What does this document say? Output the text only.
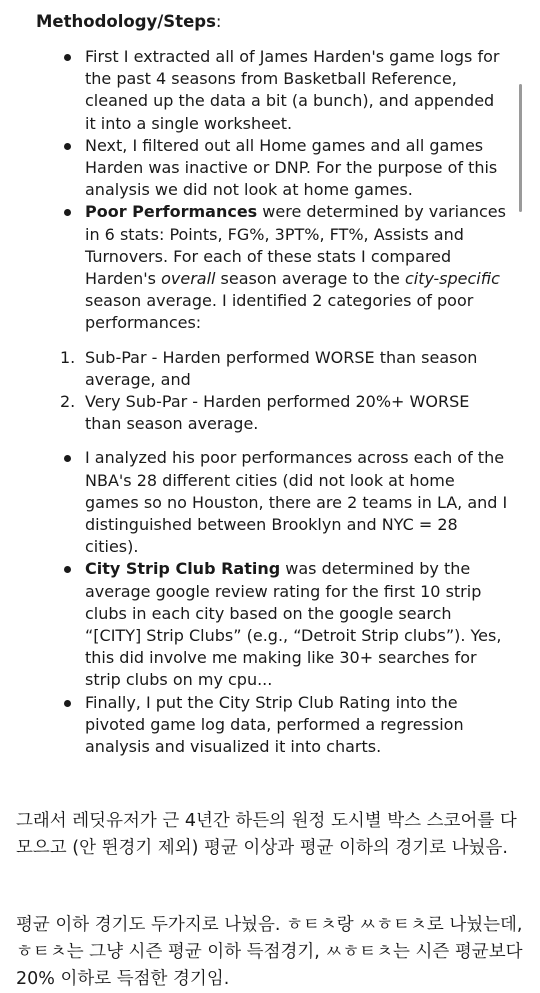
Methodology/Steps:
First I extracted all of James Harden's game logs for the past 4 seasons from Basketball Reference, cleaned up the data a bit (a bunch), and appended it into a single worksheet.
Next, I filtered out all Home games and all games Harden was inactive or DNP. For the purpose of this analysis we did not look at home games.
Poor Performances were determined by variances in 6 stats: Points, FG%, 3PT%, FT%, Assists and Turnovers. For each of these stats I compared Harden's overall season average to the city-specific season average. I identified 2 categories of poor performances:
1. Sub-Par - Harden performed WORSE than season average, and
2. Very Sub-Par - Harden performed 20%+ WORSE than season average.
I analyzed his poor performances across each of the NBA's 28 different cities (did not look at home games so no Houston, there are 2 teams in LA, and I distinguished between Brooklyn and NYC = 28 cities).
City Strip Club Rating was determined by the average google review rating for the first 10 strip clubs in each city based on the google search “[CITY] Strip Clubs” (e.g., “Detroit Strip clubs”). Yes, this did involve me making like 30+ searches for strip clubs on my cpu...
Finally, I put the City Strip Club Rating into the pivoted game log data, performed a regression analysis and visualized it into charts.
그래서 레딧유저가 근 4년간 하든의 원정 도시별 박스 스코어를 다 모으고 (안 뛴경기 제외) 평균 이상과 평균 이하의 경기로 나눴음.
평균 이하 경기도 두가지로 나눴음. ㅎㅌㅊ랑 ㅆㅎㅌㅊ로 나눴는데, ㅎㅌㅊ는 그냥 시즌 평균 이하 득점경기, ㅆㅎㅌㅊ는 시즌 평균보다 20% 이하로 득점한 경기임.
